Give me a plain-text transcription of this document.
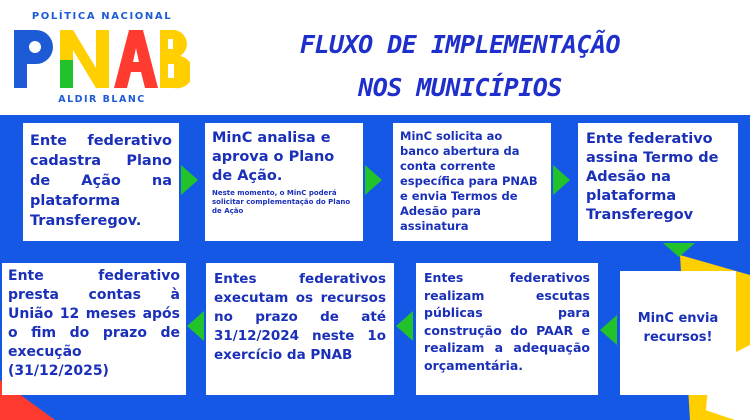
POLÍTICA NACIONAL
ALDIR BLANC
FLUXO DE IMPLEMENTAÇÃO
NOS MUNICÍPIOS
Ente federativo cadastra Plano de Ação na plataforma Transferegov.
MinC analisa e aprova o Plano de Ação.
Neste momento, o MinC poderá solicitar complementação do Plano de Ação
MinC solicita ao banco abertura da conta corrente específica para PNAB e envia Termos de Adesão para assinatura
Ente federativo assina Termo de Adesão na plataforma Transferegov
MinC envia recursos!
Entes federativos realizam escutas públicas para construção do PAAR e realizam a adequação orçamentária.
Entes federativos executam os recursos no prazo de até 31/12/2024 neste 1o exercício da PNAB
Ente federativo presta contas à União 12 meses após o fim do prazo de execução (31/12/2025)
